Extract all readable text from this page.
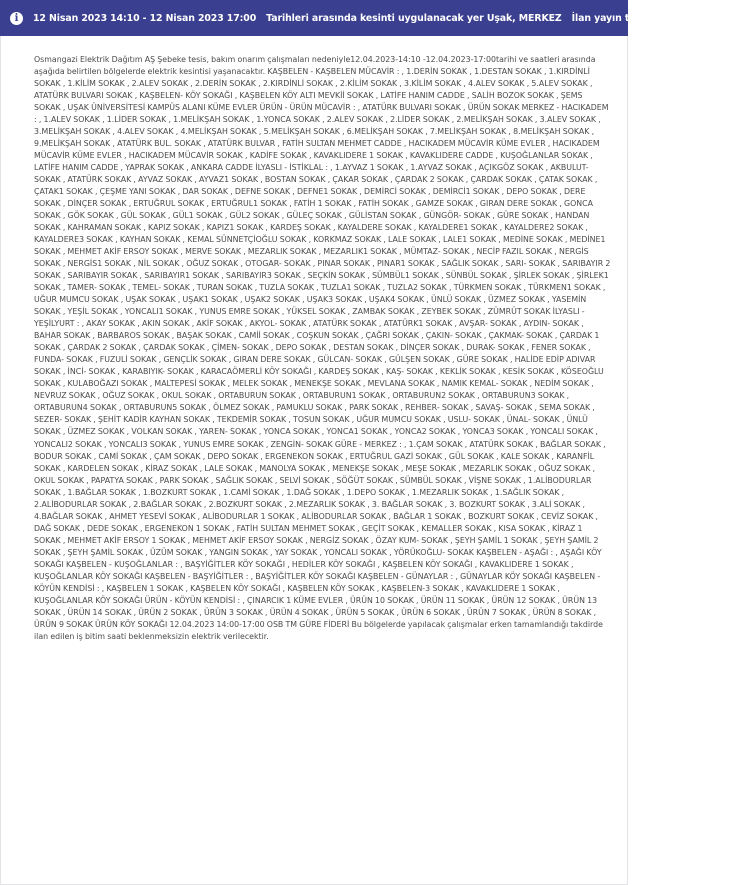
i	12 Nisan 2023 14:10 - 12 Nisan 2023 17:00 Tarihleri arasında kesinti uygulanacak yer Uşak, MERKEZ İlan yayın tarihi: 10 Nisan 2023

Osmangazi Elektrik Dağıtım AŞ Şebeke tesis, bakım onarım çalışmaları nedeniyle12.04.2023-14:10 -12.04.2023-17:00tarihi ve saatleri arasında aşağıda belirtilen bölgelerde elektrik kesintisi yaşanacaktır. KAŞBELEN - KAŞBELEN MÜCAVİR : , 1.DERİN SOKAK , 1.DESTAN SOKAK , 1.KIRDİNLİ SOKAK , 1.KİLİM SOKAK , 2.ALEV SOKAK , 2.DERİN SOKAK , 2.KIRDİNLİ SOKAK , 2.KİLİM SOKAK , 3.KİLİM SOKAK , 4.ALEV SOKAK , 5.ALEV SOKAK , ATATÜRK BULVARI SOKAK , KAŞBELEN- KÖY SOKAĞI , KAŞBELEN KÖY ALTI MEVKİİ SOKAK , LATİFE HANIM CADDE , SALİH BOZOK SOKAK , ŞEMS SOKAK , UŞAK ÜNİVERSİTESİ KAMPÜS ALANI KÜME EVLER ÜRÜN - ÜRÜN MÜCAVİR : , ATATÜRK BULVARI SOKAK , ÜRÜN SOKAK MERKEZ - HACIKADEM : , 1.ALEV SOKAK , 1.LİDER SOKAK , 1.MELİKŞAH SOKAK , 1.YONCA SOKAK , 2.ALEV SOKAK , 2.LİDER SOKAK , 2.MELİKŞAH SOKAK , 3.ALEV SOKAK , 3.MELİKŞAH SOKAK , 4.ALEV SOKAK , 4.MELİKŞAH SOKAK , 5.MELİKŞAH SOKAK , 6.MELİKŞAH SOKAK , 7.MELİKŞAH SOKAK , 8.MELİKŞAH SOKAK , 9.MELİKŞAH SOKAK , ATATÜRK BUL. SOKAK , ATATÜRK BULVAR , FATİH SULTAN MEHMET CADDE , HACIKADEM MÜCAVİR KÜME EVLER , HACIKADEM MÜCAVİR KÜME EVLER , HACIKADEM MÜCAVİR SOKAK , KADİFE SOKAK , KAVAKLIDERE 1 SOKAK , KAVAKLIDERE CADDE , KUŞOĞLANLAR SOKAK , LATİFE HANIM CADDE , YAPRAK SOKAK , ANKARA CADDE İLYASLI - İSTİKLAL : , 1.AYVAZ 1 SOKAK , 1.AYVAZ SOKAK , AÇIKGÖZ SOKAK , AKBULUT- SOKAK , ATATÜRK SOKAK , AYVAZ SOKAK , AYVAZ1 SOKAK , BOSTAN SOKAK , ÇAKAR SOKAK , ÇARDAK 2 SOKAK , ÇARDAK SOKAK , ÇATAK SOKAK , ÇATAK1 SOKAK , ÇEŞME YANI SOKAK , DAR SOKAK , DEFNE SOKAK , DEFNE1 SOKAK , DEMİRCİ SOKAK , DEMİRCİ1 SOKAK , DEPO SOKAK , DERE SOKAK , DİNÇER SOKAK , ERTUĞRUL SOKAK , ERTUĞRUL1 SOKAK , FATİH 1 SOKAK , FATİH SOKAK , GAMZE SOKAK , GIRAN DERE SOKAK , GONCA SOKAK , GÖK SOKAK , GÜL SOKAK , GÜL1 SOKAK , GÜL2 SOKAK , GÜLEÇ SOKAK , GÜLİSTAN SOKAK , GÜNGÖR- SOKAK , GÜRE SOKAK , HANDAN SOKAK , KAHRAMAN SOKAK , KAPIZ SOKAK , KAPIZ1 SOKAK , KARDEŞ SOKAK , KAYALDERE SOKAK , KAYALDERE1 SOKAK , KAYALDERE2 SOKAK , KAYALDERE3 SOKAK , KAYHAN SOKAK , KEMAL SÜNNETÇİOĞLU SOKAK , KORKMAZ SOKAK , LALE SOKAK , LALE1 SOKAK , MEDİNE SOKAK , MEDİNE1 SOKAK , MEHMET AKİF ERSOY SOKAK , MERVE SOKAK , MEZARLIK SOKAK , MEZARLIK1 SOKAK , MÜMTAZ- SOKAK , NECİP FAZIL SOKAK , NERGİS SOKAK , NERGİS1 SOKAK , NİL SOKAK , OĞUZ SOKAK , OTOGAR- SOKAK , PINAR SOKAK , PINAR1 SOKAK , SAĞLIK SOKAK , SARI- SOKAK , SARIBAYIR 2 SOKAK , SARIBAYIR SOKAK , SARIBAYIR1 SOKAK , SARIBAYIR3 SOKAK , SEÇKİN SOKAK , SÜMBÜL1 SOKAK , SÜNBÜL SOKAK , ŞİRLEK SOKAK , ŞİRLEK1 SOKAK , TAMER- SOKAK , TEMEL- SOKAK , TURAN SOKAK , TUZLA SOKAK , TUZLA1 SOKAK , TUZLA2 SOKAK , TÜRKMEN SOKAK , TÜRKMEN1 SOKAK , UĞUR MUMCU SOKAK , UŞAK SOKAK , UŞAK1 SOKAK , UŞAK2 SOKAK , UŞAK3 SOKAK , UŞAK4 SOKAK , ÜNLÜ SOKAK , ÜZMEZ SOKAK , YASEMİN SOKAK , YEŞİL SOKAK , YONCALI1 SOKAK , YUNUS EMRE SOKAK , YÜKSEL SOKAK , ZAMBAK SOKAK , ZEYBEK SOKAK , ZÜMRÜT SOKAK İLYASLI - YEŞİLYURT : , AKAY SOKAK , AKIN SOKAK , AKİF SOKAK , AKYOL- SOKAK , ATATÜRK SOKAK , ATATÜRK1 SOKAK , AVŞAR- SOKAK , AYDIN- SOKAK , BAHAR SOKAK , BARBAROS SOKAK , BAŞAK SOKAK , CAMİİ SOKAK , COŞKUN SOKAK , ÇAĞRI SOKAK , ÇAKIN- SOKAK , ÇAKMAK- SOKAK , ÇARDAK 1 SOKAK , ÇARDAK 2 SOKAK , ÇARDAK SOKAK , ÇİMEN- SOKAK , DEPO SOKAK , DESTAN SOKAK , DİNÇER SOKAK , DURAK- SOKAK , FENER SOKAK , FUNDA- SOKAK , FUZULİ SOKAK , GENÇLİK SOKAK , GIRAN DERE SOKAK , GÜLCAN- SOKAK , GÜLŞEN SOKAK , GÜRE SOKAK , HALİDE EDİP ADIVAR SOKAK , İNCİ- SOKAK , KARABIYIK- SOKAK , KARACAÖMERLİ KÖY SOKAĞI , KARDEŞ SOKAK , KAŞ- SOKAK , KEKLİK SOKAK , KESİK SOKAK , KÖSEOĞLU SOKAK , KULABOĞAZI SOKAK , MALTEPESİ SOKAK , MELEK SOKAK , MENEKŞE SOKAK , MEVLANA SOKAK , NAMIK KEMAL- SOKAK , NEDİM SOKAK , NEVRUZ SOKAK , OĞUZ SOKAK , OKUL SOKAK , ORTABURUN SOKAK , ORTABURUN1 SOKAK , ORTABURUN2 SOKAK , ORTABURUN3 SOKAK , ORTABURUN4 SOKAK , ORTABURUN5 SOKAK , ÖLMEZ SOKAK , PAMUKLU SOKAK , PARK SOKAK , REHBER- SOKAK , SAVAŞ- SOKAK , SEMA SOKAK , SEZER- SOKAK , ŞEHİT KADİR KAYHAN SOKAK , TEKDEMİR SOKAK , TOSUN SOKAK , UĞUR MUMCU SOKAK , USLU- SOKAK , ÜNAL- SOKAK , ÜNLÜ SOKAK , ÜZMEZ SOKAK , VOLKAN SOKAK , YAREN- SOKAK , YONCA SOKAK , YONCA1 SOKAK , YONCA2 SOKAK , YONCA3 SOKAK , YONCALI SOKAK , YONCALI2 SOKAK , YONCALI3 SOKAK , YUNUS EMRE SOKAK , ZENGİN- SOKAK GÜRE - MERKEZ : , 1.ÇAM SOKAK , ATATÜRK SOKAK , BAĞLAR SOKAK , BODUR SOKAK , CAMİ SOKAK , ÇAM SOKAK , DEPO SOKAK , ERGENEKON SOKAK , ERTUĞRUL GAZİ SOKAK , GÜL SOKAK , KALE SOKAK , KARANFİL SOKAK , KARDELEN SOKAK , KİRAZ SOKAK , LALE SOKAK , MANOLYA SOKAK , MENEKŞE SOKAK , MEŞE SOKAK , MEZARLIK SOKAK , OĞUZ SOKAK , OKUL SOKAK , PAPATYA SOKAK , PARK SOKAK , SAĞLIK SOKAK , SELVİ SOKAK , SÖĞÜT SOKAK , SÜMBÜL SOKAK , VİŞNE SOKAK , 1.ALİBODURLAR SOKAK , 1.BAĞLAR SOKAK , 1.BOZKURT SOKAK , 1.CAMİ SOKAK , 1.DAĞ SOKAK , 1.DEPO SOKAK , 1.MEZARLIK SOKAK , 1.SAĞLIK SOKAK , 2.ALİBODURLAR SOKAK , 2.BAĞLAR SOKAK , 2.BOZKURT SOKAK , 2.MEZARLIK SOKAK , 3. BAĞLAR SOKAK , 3. BOZKURT SOKAK , 3.ALİ SOKAK , 4.BAĞLAR SOKAK , AHMET YESEVİ SOKAK , ALİBODURLAR 1 SOKAK , ALİBODURLAR SOKAK , BAĞLAR 1 SOKAK , BOZKURT SOKAK , CEVİZ SOKAK , DAĞ SOKAK , DEDE SOKAK , ERGENEKON 1 SOKAK , FATİH SULTAN MEHMET SOKAK , GEÇİT SOKAK , KEMALLER SOKAK , KISA SOKAK , KİRAZ 1 SOKAK , MEHMET AKİF ERSOY 1 SOKAK , MEHMET AKİF ERSOY SOKAK , NERGİZ SOKAK , ÖZAY KUM- SOKAK , ŞEYH ŞAMİL 1 SOKAK , ŞEYH ŞAMİL 2 SOKAK , ŞEYH ŞAMİL SOKAK , ÜZÜM SOKAK , YANGIN SOKAK , YAY SOKAK , YONCALI SOKAK , YÖRÜKOĞLU- SOKAK KAŞBELEN - AŞAĞI : , AŞAĞI KÖY SOKAĞI KAŞBELEN - KUŞOĞLANLAR : , BAŞYİĞİTLER KÖY SOKAĞI , HEDİLER KÖY SOKAĞI , KAŞBELEN KÖY SOKAĞI , KAVAKLIDERE 1 SOKAK , KUŞOĞLANLAR KÖY SOKAĞI KAŞBELEN - BAŞYİĞİTLER : , BAŞYİĞİTLER KÖY SOKAĞI KAŞBELEN - GÜNAYLAR : , GÜNAYLAR KÖY SOKAĞI KAŞBELEN - KÖYÜN KENDİSİ : , KAŞBELEN 1 SOKAK , KAŞBELEN KÖY SOKAĞI , KAŞBELEN KÖY SOKAK , KAŞBELEN-3 SOKAK , KAVAKLIDERE 1 SOKAK , KUŞOĞLANLAR KÖY SOKAĞI ÜRÜN - KÖYÜN KENDİSİ : , ÇINARCIK 1 KÜME EVLER , ÜRÜN 10 SOKAK , ÜRÜN 11 SOKAK , ÜRÜN 12 SOKAK , ÜRÜN 13 SOKAK , ÜRÜN 14 SOKAK , ÜRÜN 2 SOKAK , ÜRÜN 3 SOKAK , ÜRÜN 4 SOKAK , ÜRÜN 5 SOKAK , ÜRÜN 6 SOKAK , ÜRÜN 7 SOKAK , ÜRÜN 8 SOKAK , ÜRÜN 9 SOKAK ÜRÜN KÖY SOKAĞI 12.04.2023 14:00-17:00 OSB TM GÜRE FİDERİ Bu bölgelerde yapılacak çalışmalar erken tamamlandığı takdirde ilan edilen iş bitim saati beklenmeksizin elektrik verilecektir.
